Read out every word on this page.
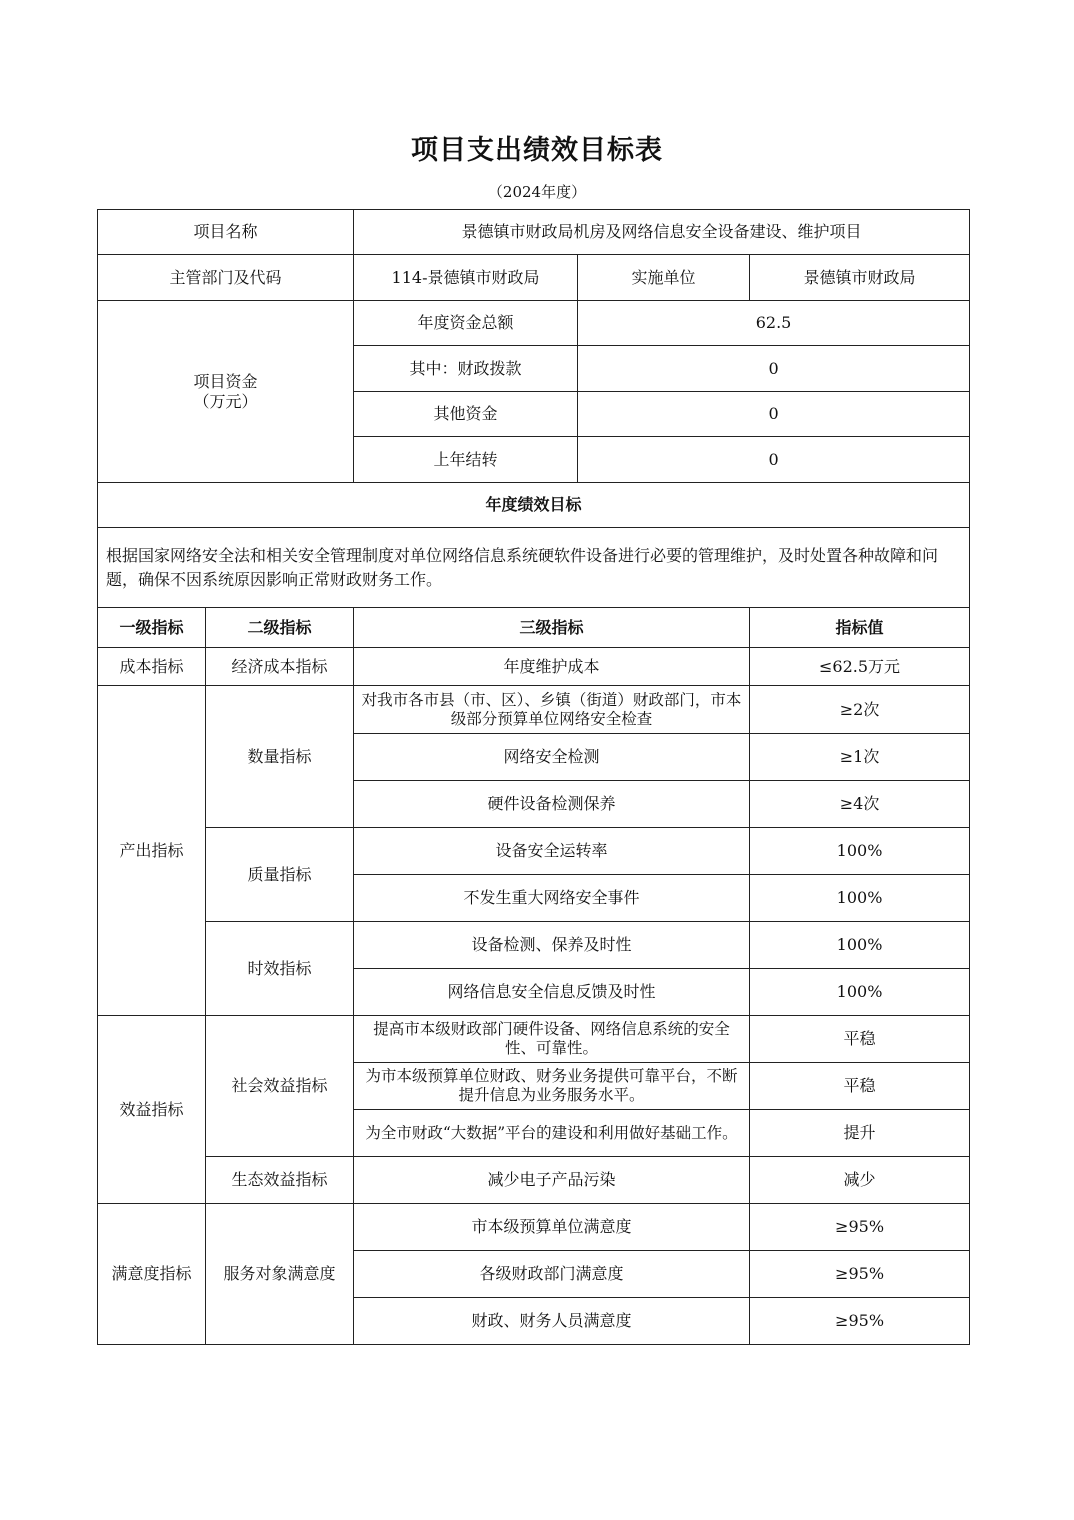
项目支出绩效目标表
（2024年度）
项目名称		景德镇市财政局机房及网络信息安全设备建设、维护项目		
主管部门及代码		114-景德镇市财政局	实施单位	景德镇市财政局

项目资金
（万元）		年度资金总额	62.5	
		其中：财政拨款	0	
		其他资金	0	
		上年结转	0	
年度绩效目标				
根据国家网络安全法和相关安全管理制度对单位网络信息系统硬软件设备进行必要的管理维护，及时处置各种故障和问题，确保不因系统原因影响正常财政财务工作。				
一级指标	二级指标	三级指标		指标值
成本指标	经济成本指标	年度维护成本		≤62.5万元
产出指标	数量指标	对我市各市县（市、区）、乡镇（街道）财政部门，市本级部分预算单位网络安全检查		≥2次
		网络安全检测		≥1次
		硬件设备检测保养		≥4次
	质量指标	设备安全运转率		100%
		不发生重大网络安全事件		100%
	时效指标	设备检测、保养及时性		100%
		网络信息安全信息反馈及时性		100%
效益指标	社会效益指标	提高市本级财政部门硬件设备、网络信息系统的安全性、可靠性。		平稳
		为市本级预算单位财政、财务业务提供可靠平台，不断提升信息为业务服务水平。		平稳
		为全市财政“大数据”平台的建设和利用做好基础工作。		提升
	生态效益指标	减少电子产品污染		减少
满意度指标	服务对象满意度	市本级预算单位满意度		≥95%
		各级财政部门满意度		≥95%
		财政、财务人员满意度		≥95%
